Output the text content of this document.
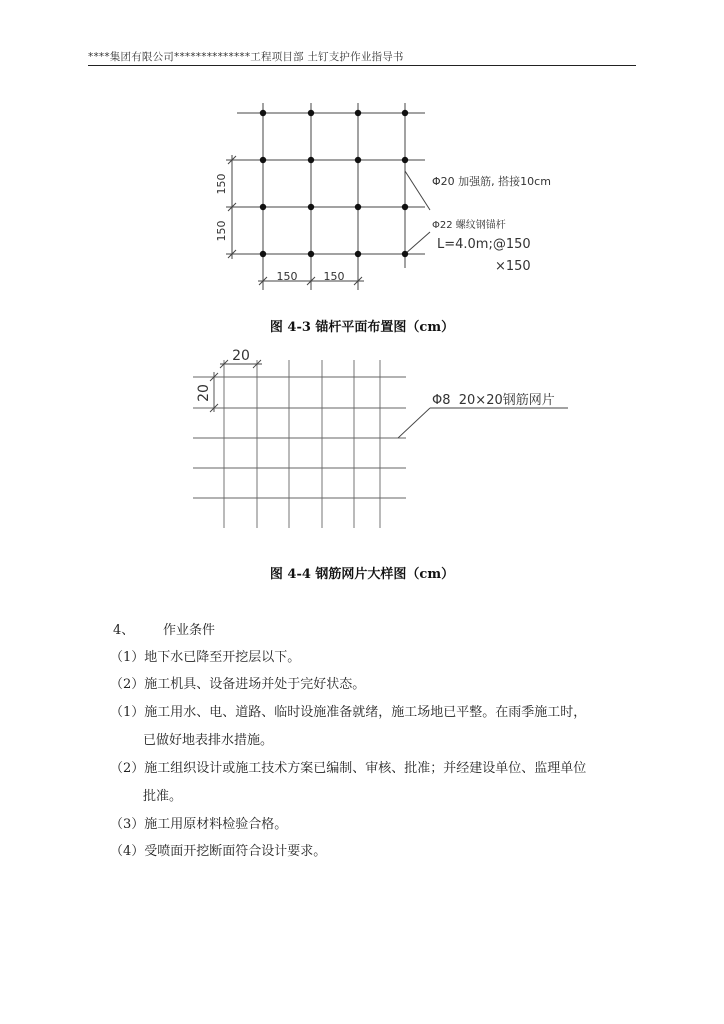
****集团有限公司**************工程项目部 土钉支护作业指导书
150
150
150 150
Φ20 加强筋, 搭接10cm
Φ22 螺纹钢锚杆
L=4.0m;@150
×150
图 4-3 锚杆平面布置图（cm）
20
20	Φ8  20×20钢筋网片
图 4-4 钢筋网片大样图（cm）
4、 作业条件
（1）地下水已降至开挖层以下。
（2）施工机具、设备进场并处于完好状态。
（1）施工用水、电、道路、临时设施准备就绪，施工场地已平整。在雨季施工时，
已做好地表排水措施。
（2）施工组织设计或施工技术方案已编制、审核、批准；并经建设单位、监理单位
批准。
（3）施工用原材料检验合格。
（4）受喷面开挖断面符合设计要求。
